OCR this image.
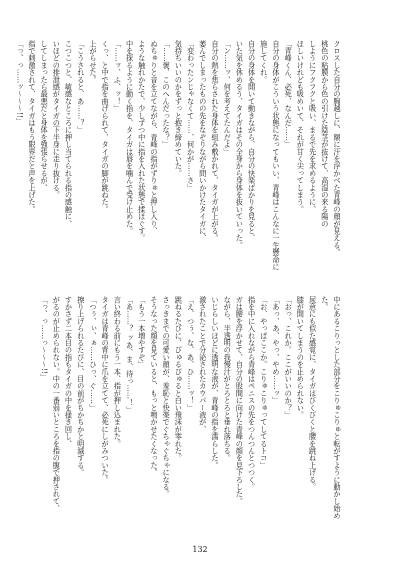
クロスした自分の胸越しに、額に汗を浮かべた青峰の顔が見える。

桃色の粘膜から色の引けた陰茎が抜けて、高湿の来る陽の

しようにフクフクと吸い、まるで先を求めるように、

ほしいけれども吸めいて、それが甘く尖ってしまう。

「青峰くん、必死、なんだ……」

自分の身体がこういう状態になってもいい、青峰はこんなに一生懸命に施してくれ。

自分の身体を開いて動きながら、自分の快楽ばかりを見ると、

いた気を休めるう、タイガはその全身から身体を抜いていった。

「ン……ッ、何を考えてたんだよ」

自分の熱を焦らされた身体を組み敷かれて、タイガが上がる。

萎んでしまったものの先をなぞりながら問いかけたタイガに、

「変わったンじゃなくて……、何かが……さ」

気持ちいいのかをずっと抱き締めていた。

「……褒、このへんだったな？」

ぬちゅりと音を立てながら、青峰の指がずりゅと押し入り、

ような触れかたで、少しずつ中に指を入れた状態で揉ほぐす。

中を探るように動く指を、タイガは唇を噛んで受け止めた。

「……ッ、ふ、ッ！」

くっ、と中で指を曲げられて、タイガの脚が跳ねた。

上がらせた。

「こうされると、あ……？」

こつこつと、敏感なところに押し当てられる指の感触に、

いほどの排泄感がタイガの下半身に走り抜ける。

してしまったら最悪だと身体を強張らせるが、

指で刺激されて、タイガはもう限界だと声を上げた。

「っ、っ……ッ〜〜〜!!」

中にあるこりっとした部分をこりゅこりゅと転がすように動かし始めた。

尿意にも似た感覚に、タイガはびくびくと腰を跳ね上げる。

膝が開いてしまうのを止められない。

「おっ、これか。ここがいいのか？」

「あっ、あ、やっ、やめ……ッ」

「お、やっぱここか。こりゅこりゅってしてるトコ」

指を中に入れながら青峰はペニスの先をつんつんとつつく。

ガは腰を浮かせて、自分の股間に向けた青峰の顔を見下ろした。

ながら、半透明の我慢汁がとろとろと垂れ落ちる。

いじらしいほどに透明な液が、青峰の指を濡らした。

激されたことで分泌されたカウパー液が、

「え、つぅ、な、あ、ひ……ッ！」

跳ねるたびに、ぴゅるぴゅると白い飛沫が零れた。

さっきまでの可愛い顔が、羞恥と快楽でぐちゃぐちゃになる。

そうなった顔を見ていると、もっと鳴かせたくなった。

「もう一本増やすぞ」

「あ……？ ッあ、ま、待っ……！」

言い終わる前にもう一本、指が押し込まれた。

タイガは青峰の背中に爪を立てて、必死にしがみついた。

「つぅ、ぃ、ぁ……ひっ、ぐ……」

擦り上げられるたびに、目の前がちかちかと明滅する。

すかさず二本目の指もタイガの中を掻き回し、

がるのが止められない。中の一番弱いところを指の腹で押されて、

「っ、っ……っ〜〜〜!!」

132
